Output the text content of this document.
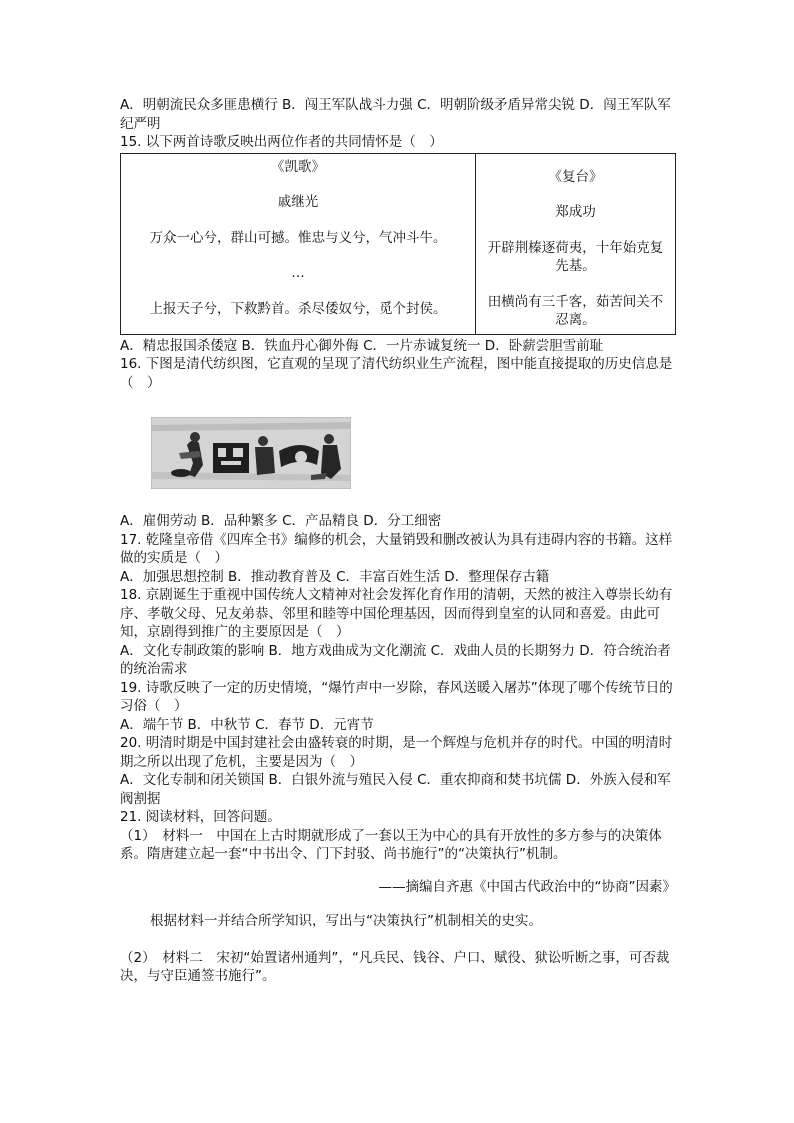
A．明朝流民众多匪患横行 B．闯王军队战斗力强 C．明朝阶级矛盾异常尖锐 D．闯王军队军纪严明
15. 以下两首诗歌反映出两位作者的共同情怀是（　）
《凯歌》
戚继光
万众一心兮，群山可撼。惟忠与义兮，气冲斗牛。
…
上报天子兮，下救黔首。杀尽倭奴兮，觅个封侯。

《复台》
郑成功
开辟荆榛逐荷夷，十年始克复先基。
田横尚有三千客，茹苦间关不忍离。
A．精忠报国杀倭寇 B．铁血丹心御外侮 C．一片赤诚复统一 D．卧薪尝胆雪前耻
16. 下图是清代纺织图，它直观的呈现了清代纺织业生产流程，图中能直接提取的历史信息是（　）
A．雇佣劳动 B．品种繁多 C．产品精良 D．分工细密
17. 乾隆皇帝借《四库全书》编修的机会，大量销毁和删改被认为具有违碍内容的书籍。这样做的实质是（　）
A．加强思想控制 B．推动教育普及 C．丰富百姓生活 D．整理保存古籍
18. 京剧诞生于重视中国传统人文精神对社会发挥化育作用的清朝，天然的被注入尊崇长幼有序、孝敬父母、兄友弟恭、邻里和睦等中国伦理基因，因而得到皇室的认同和喜爱。由此可知，京剧得到推广的主要原因是（　）
A．文化专制政策的影响 B．地方戏曲成为文化潮流 C．戏曲人员的长期努力 D．符合统治者的统治需求
19. 诗歌反映了一定的历史情境，“爆竹声中一岁除，春风送暖入屠苏”体现了哪个传统节日的习俗（　）
A．端午节 B．中秋节 C．春节 D．元宵节
20. 明清时期是中国封建社会由盛转衰的时期，是一个辉煌与危机并存的时代。中国的明清时期之所以出现了危机，主要是因为（　）
A．文化专制和闭关锁国 B．白银外流与殖民入侵 C．重农抑商和焚书坑儒 D．外族入侵和军阀割据
21. 阅读材料，回答问题。
（1）　材料一　中国在上古时期就形成了一套以王为中心的具有开放性的多方参与的决策体系。隋唐建立起一套“中书出令、门下封驳、尚书施行”的“决策执行”机制。
——摘编自齐惠《中国古代政治中的“协商”因素》
根据材料一并结合所学知识，写出与“决策执行”机制相关的史实。
（2）　材料二　宋初“始置诸州通判”，“凡兵民、钱谷、户口、赋役、狱讼听断之事，可否裁决，与守臣通签书施行”。
